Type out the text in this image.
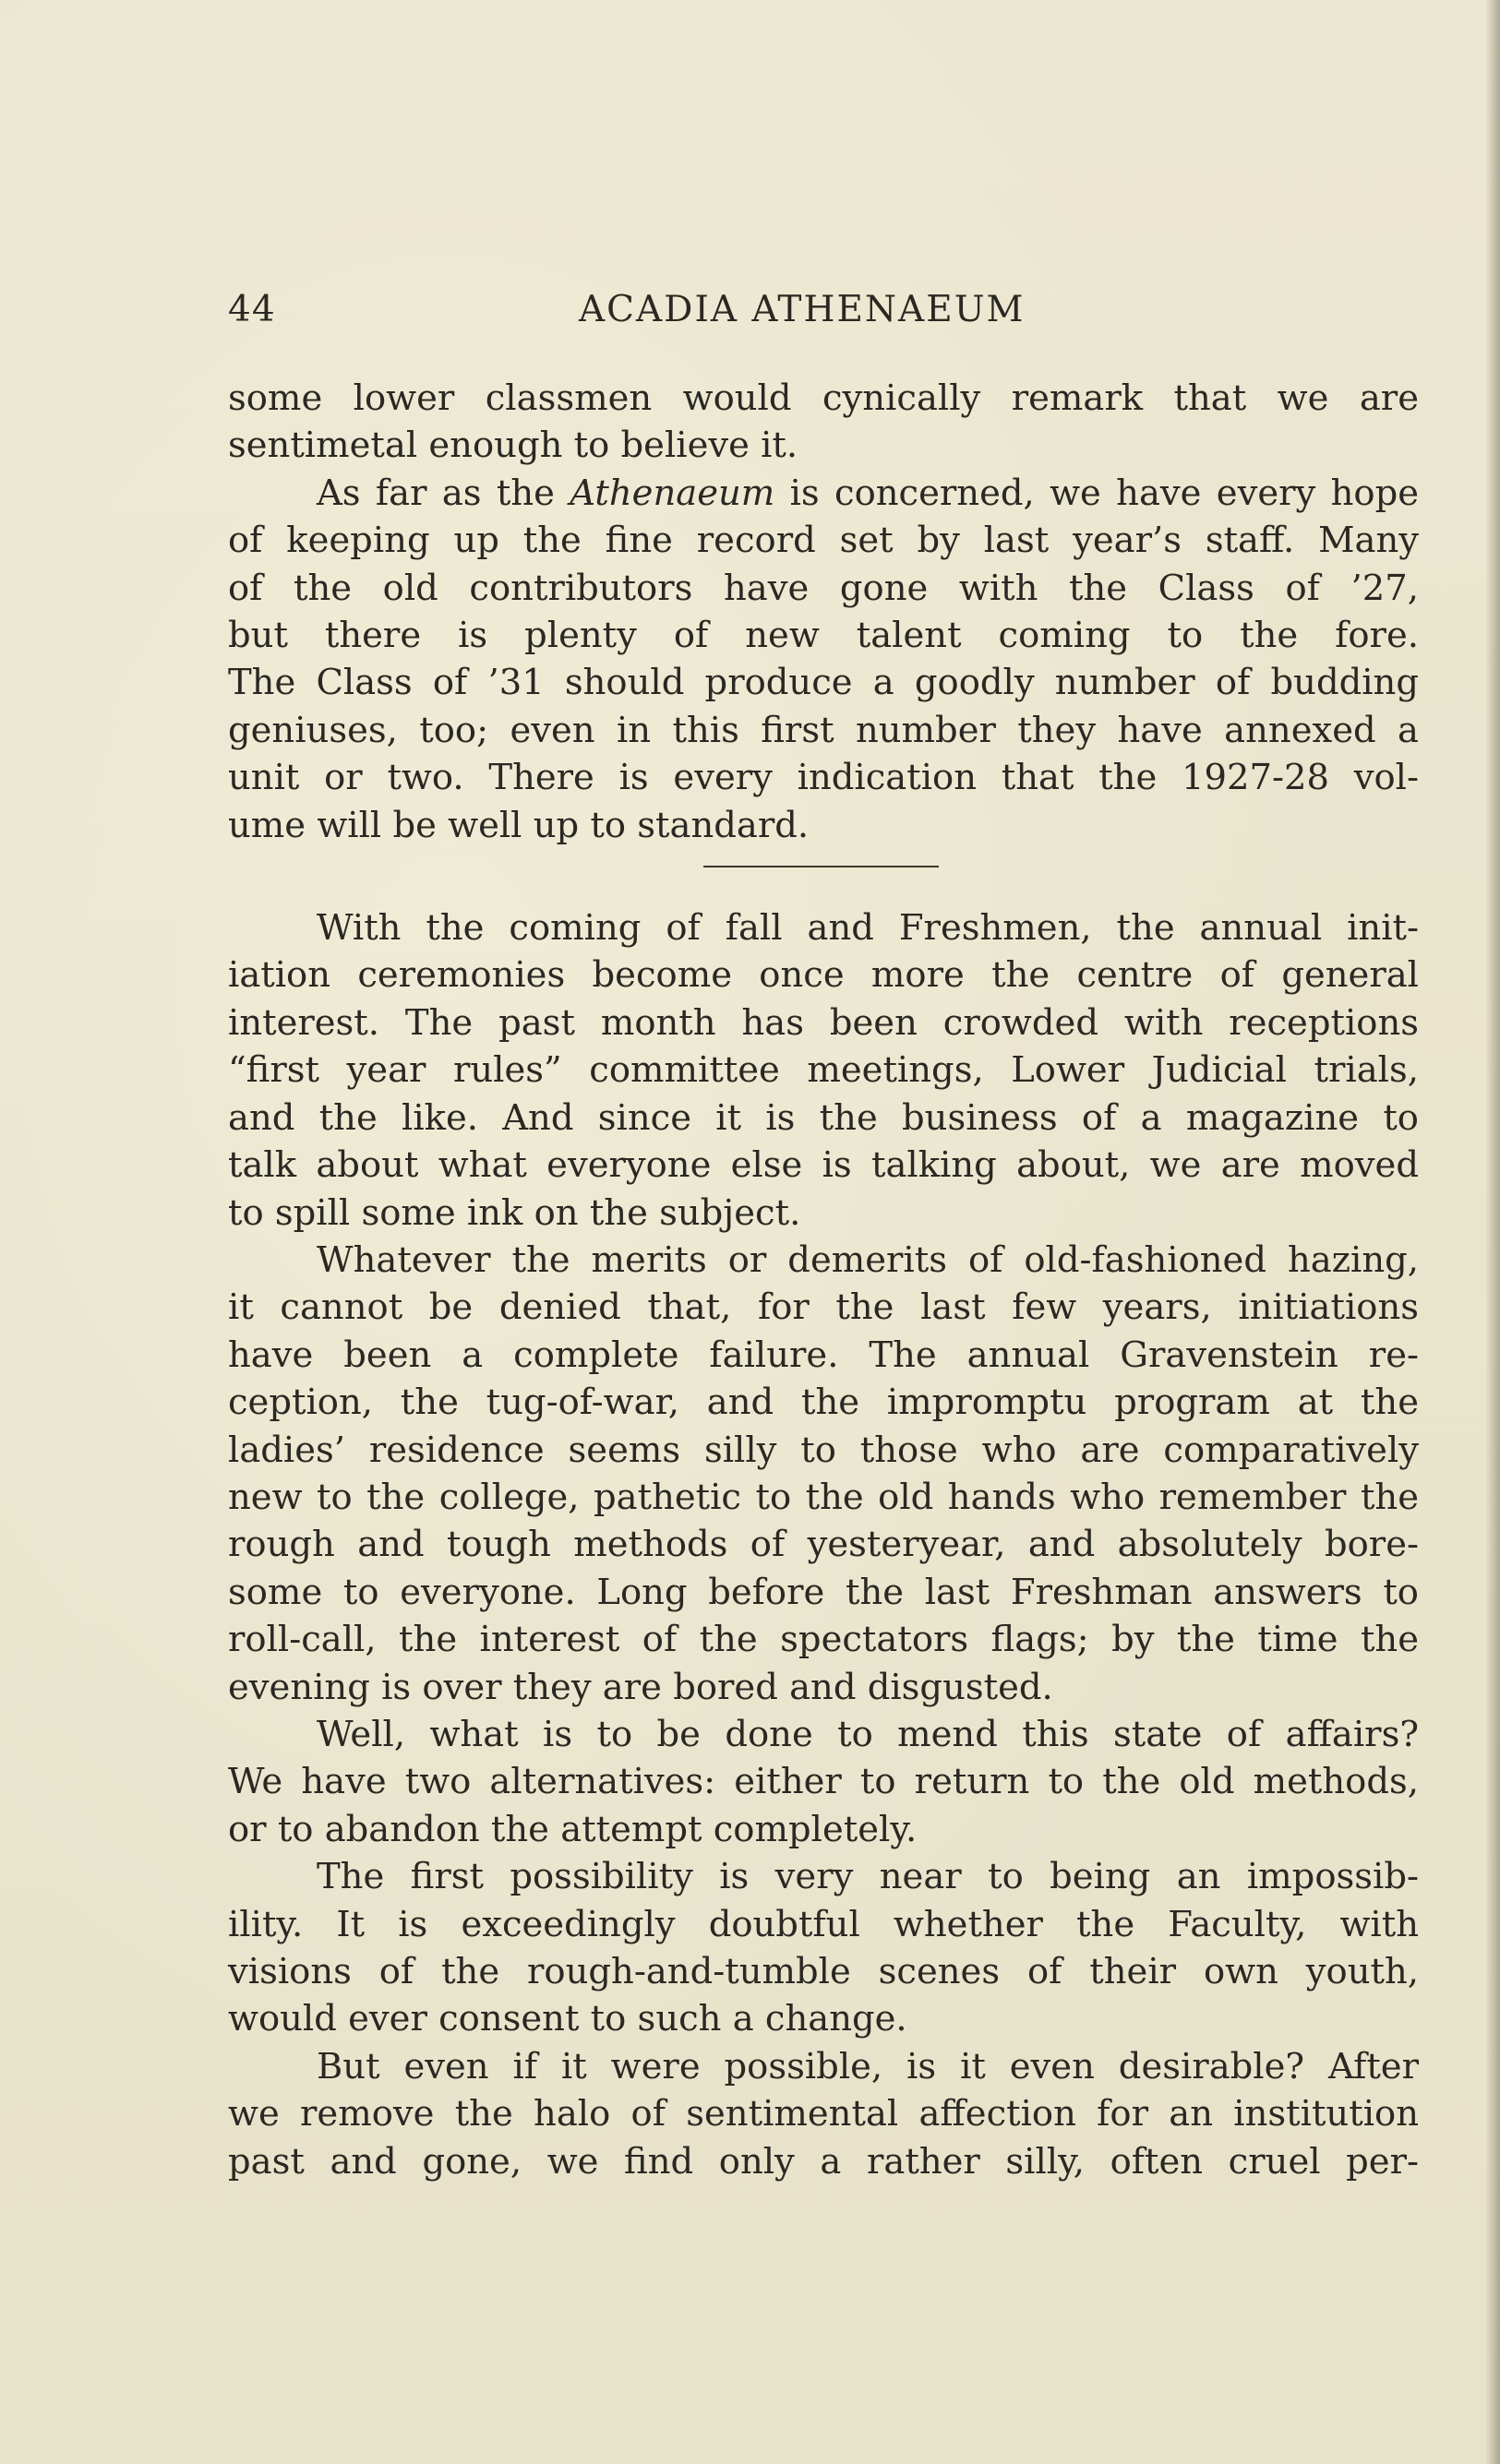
44	ACADIA ATHENAEUM

some lower classmen would cynically remark that we are

sentimetal enough to believe it.

As far as the Athenaeum is concerned, we have every hope

of keeping up the fine record set by last year’s staff. Many

of the old contributors have gone with the Class of ’27,

but there is plenty of new talent coming to the fore.

The Class of ’31 should produce a goodly number of budding

geniuses, too; even in this first number they have annexed a

unit or two. There is every indication that the 1927-28 vol-

ume will be well up to standard.

With the coming of fall and Freshmen, the annual init-

iation ceremonies become once more the centre of general

interest. The past month has been crowded with receptions

“first year rules” committee meetings, Lower Judicial trials,

and the like. And since it is the business of a magazine to

talk about what everyone else is talking about, we are moved

to spill some ink on the subject.

Whatever the merits or demerits of old-fashioned hazing,

it cannot be denied that, for the last few years, initiations

have been a complete failure. The annual Gravenstein re-

ception, the tug-of-war, and the impromptu program at the

ladies’ residence seems silly to those who are comparatively

new to the college, pathetic to the old hands who remember the

rough and tough methods of yesteryear, and absolutely bore-

some to everyone. Long before the last Freshman answers to

roll-call, the interest of the spectators flags; by the time the

evening is over they are bored and disgusted.

Well, what is to be done to mend this state of affairs?

We have two alternatives: either to return to the old methods,

or to abandon the attempt completely.

The first possibility is very near to being an impossib-

ility. It is exceedingly doubtful whether the Faculty, with

visions of the rough-and-tumble scenes of their own youth,

would ever consent to such a change.

But even if it were possible, is it even desirable? After

we remove the halo of sentimental affection for an institution

past and gone, we find only a rather silly, often cruel per-
